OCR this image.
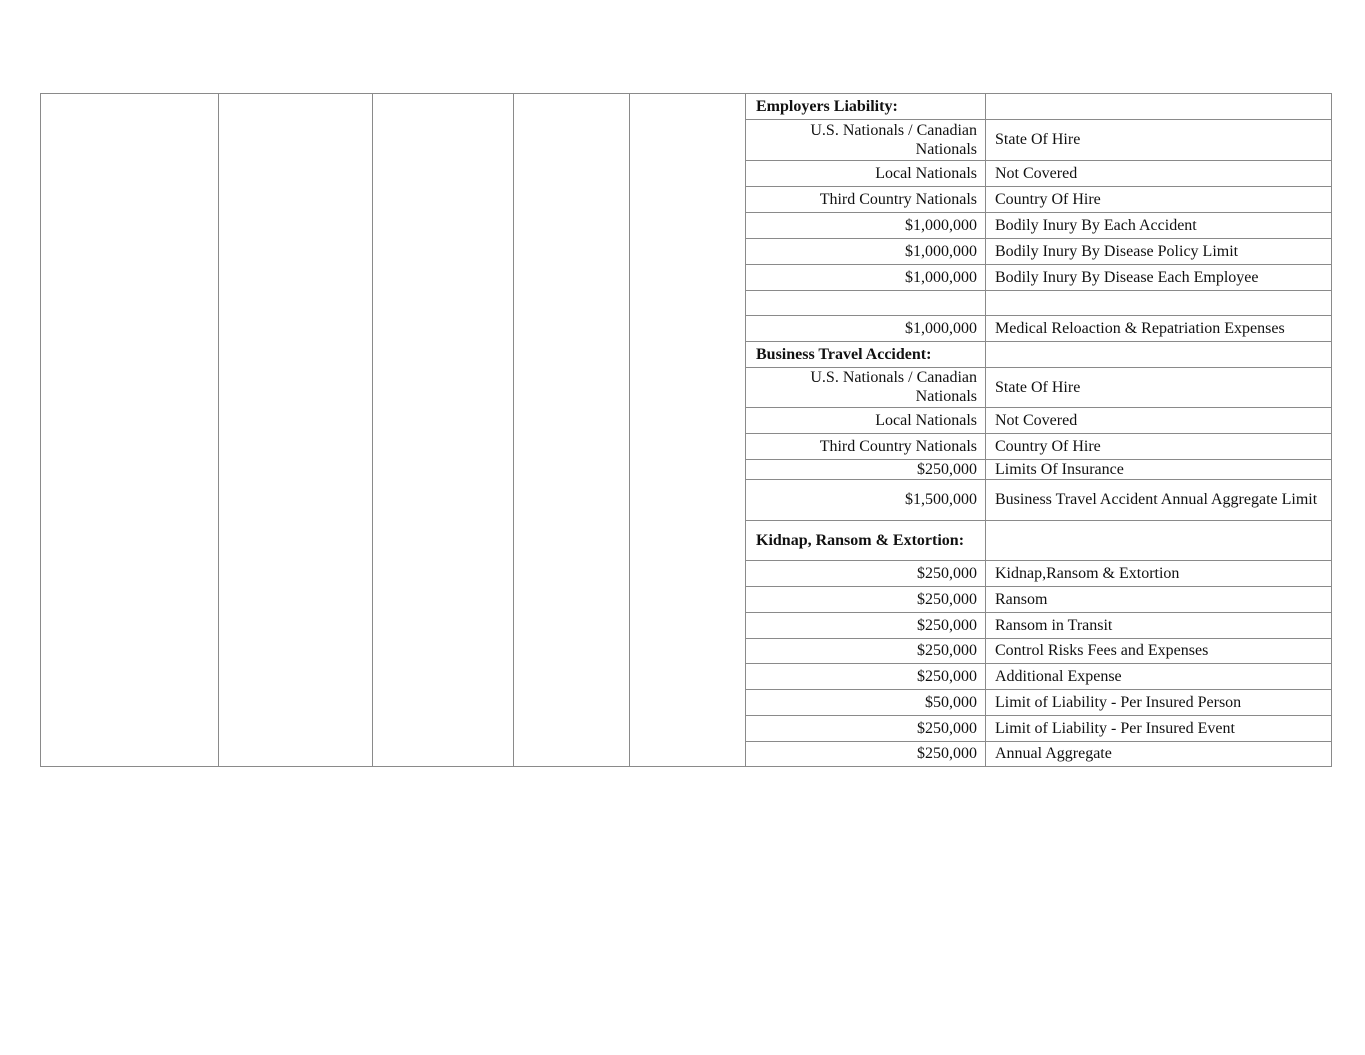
Employers Liability:	
U.S. Nationals / Canadian Nationals	State Of Hire
Local Nationals	Not Covered
Third Country Nationals	Country Of Hire
$1,000,000	Bodily Inury By Each Accident
$1,000,000	Bodily Inury By Disease Policy Limit
$1,000,000	Bodily Inury By Disease Each Employee

$1,000,000	Medical Reloaction & Repatriation Expenses
Business Travel Accident:	
U.S. Nationals / Canadian Nationals	State Of Hire
Local Nationals	Not Covered
Third Country Nationals	Country Of Hire
$250,000	Limits Of Insurance
$1,500,000	Business Travel Accident Annual Aggregate Limit
Kidnap, Ransom & Extortion:	
$250,000	Kidnap,Ransom & Extortion
$250,000	Ransom
$250,000	Ransom in Transit
$250,000	Control Risks Fees and Expenses
$250,000	Additional Expense
$50,000	Limit of Liability - Per Insured Person
$250,000	Limit of Liability - Per Insured Event
$250,000	Annual Aggregate
